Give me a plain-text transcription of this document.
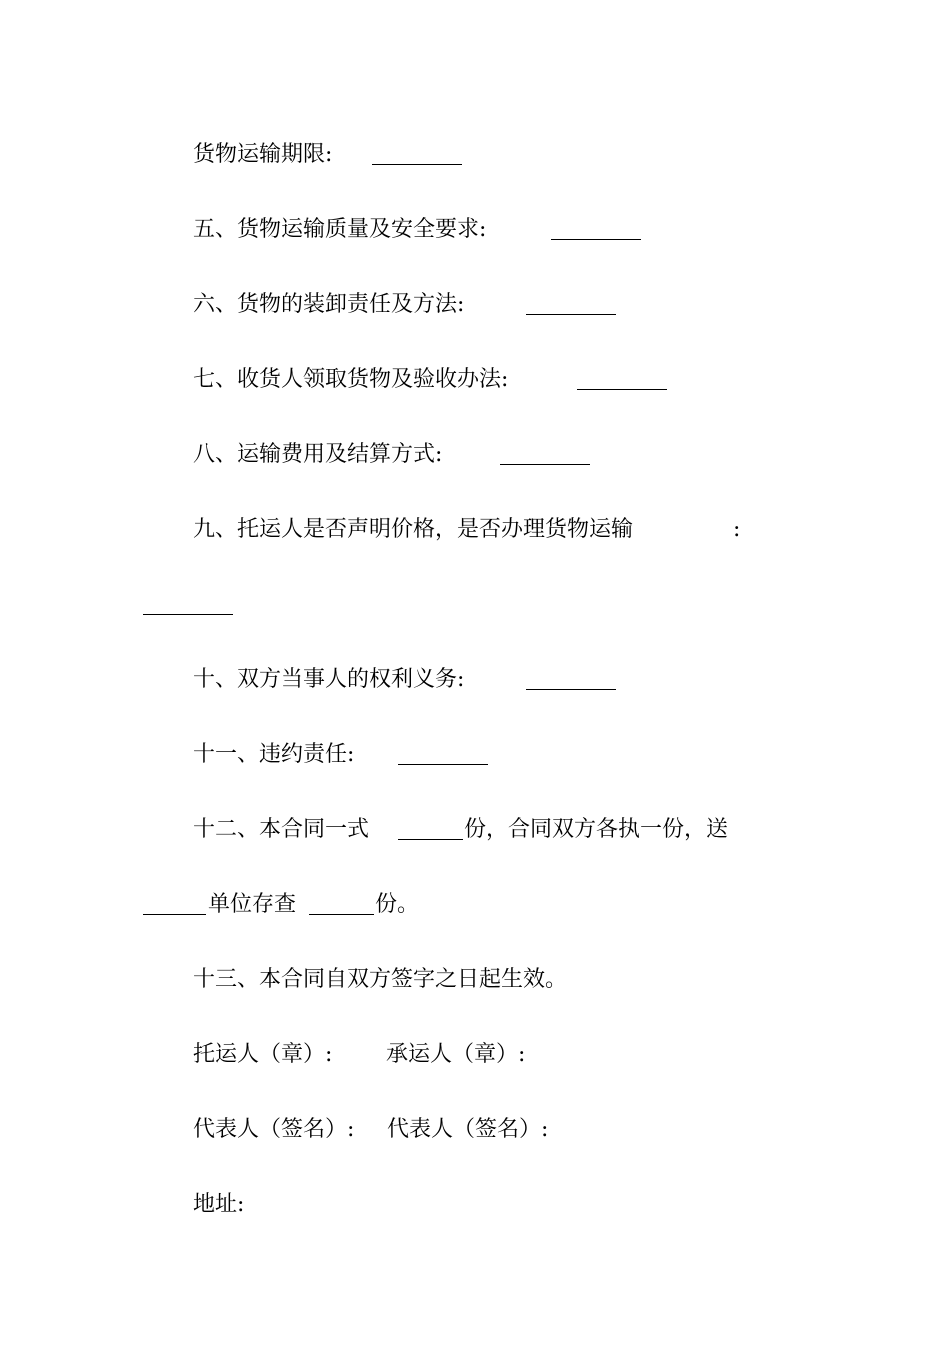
货物运输期限:
五、货物运输质量及安全要求:
六、货物的装卸责任及方法:
七、收货人领取货物及验收办法:
八、运输费用及结算方式:
九、托运人是否声明价格，是否办理货物运输	:
十、双方当事人的权利义务:
十一、违约责任:
十二、本合同一式	份，合同双方各执一份，送
单位存查	份。
十三、本合同自双方签字之日起生效。
托运人（章）: 承运人（章）:
代表人（签名）: 代表人（签名）:
地址:
